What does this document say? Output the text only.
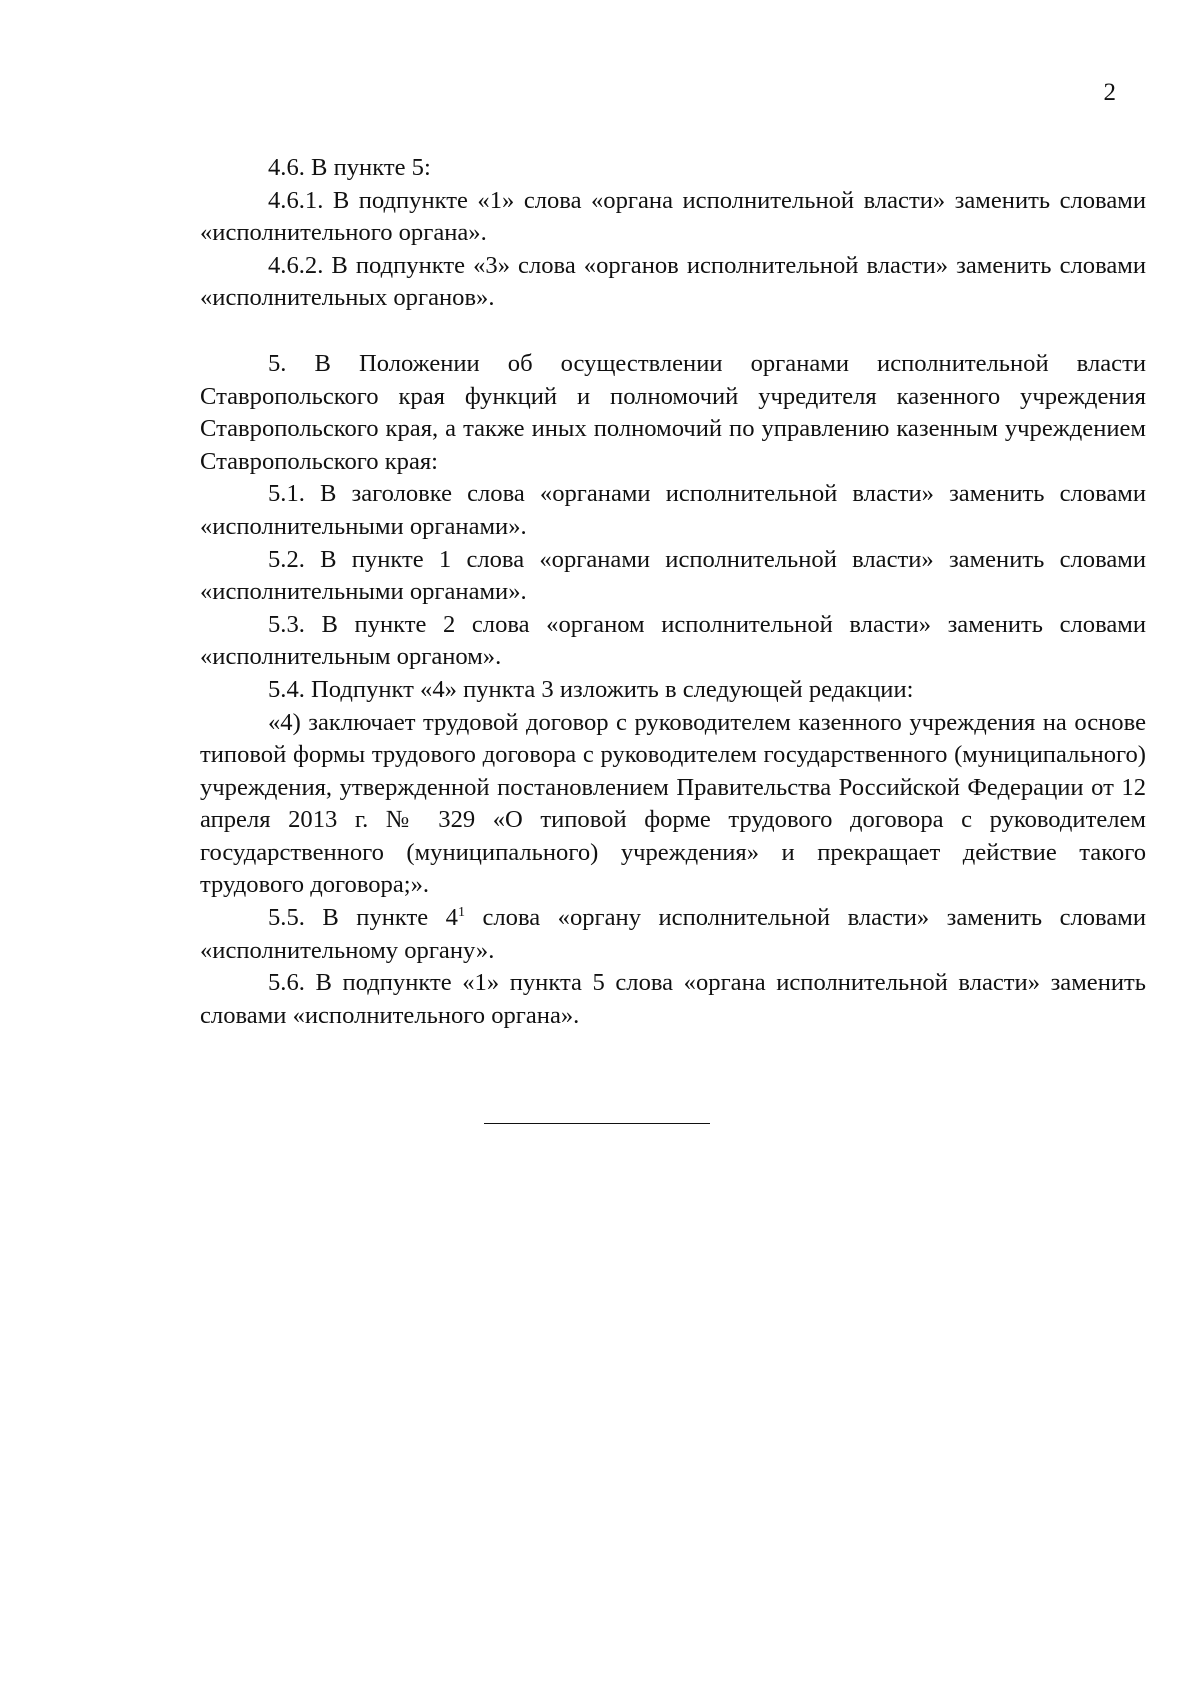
2

4.6. В пункте 5:

4.6.1. В подпункте «1» слова «органа исполнительной власти» заменить словами «исполнительного органа».

4.6.2. В подпункте «3» слова «органов исполнительной власти» заменить словами «исполнительных органов».

5. В Положении об осуществлении органами исполнительной власти Ставропольского края функций и полномочий учредителя казенного учреждения Ставропольского края, а также иных полномочий по управлению казенным учреждением Ставропольского края:

5.1. В заголовке слова «органами исполнительной власти» заменить словами «исполнительными органами».

5.2. В пункте 1 слова «органами исполнительной власти» заменить словами «исполнительными органами».

5.3. В пункте 2 слова «органом исполнительной власти» заменить словами «исполнительным органом».

5.4. Подпункт «4» пункта 3 изложить в следующей редакции:

«4) заключает трудовой договор с руководителем казенного учреждения на основе типовой формы трудового договора с руководителем государственного (муниципального) учреждения, утвержденной постановлением Правительства Российской Федерации от 12 апреля 2013 г. № 329 «О типовой форме трудового договора с руководителем государственного (муниципального) учреждения» и прекращает действие такого трудового договора;».

5.5. В пункте $4^1$ слова «органу исполнительной власти» заменить словами «исполнительному органу».

5.6. В подпункте «1» пункта 5 слова «органа исполнительной власти» заменить словами «исполнительного органа».
